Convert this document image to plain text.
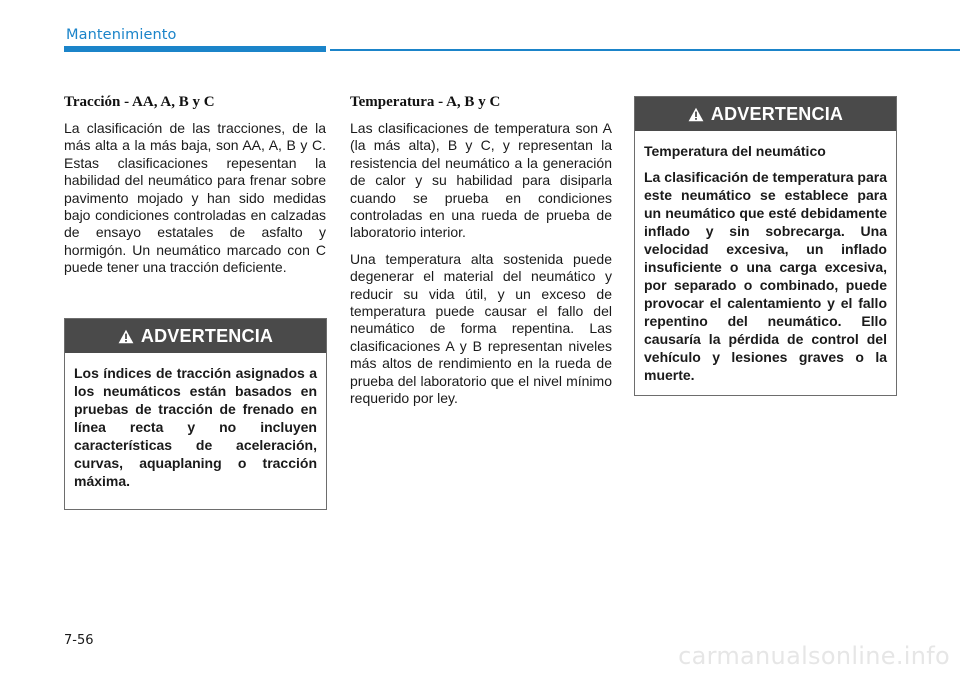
Mantenimiento
Tracción - AA, A, B y C

La clasificación de las tracciones, de la más alta a la más baja, son AA, A, B y C. Estas clasificaciones repesentan la habilidad del neumático para frenar sobre pavimento mojado y han sido medidas bajo condiciones controladas en calzadas de ensayo estatales de asfalto y hormigón. Un neumático marcado con C puede tener una tracción deficiente.

ADVERTENCIA

Los índices de tracción asignados a los neumáticos están basados en pruebas de tracción de frenado en línea recta y no incluyen características de aceleración, curvas, aquaplaning o tracción máxima.

Temperatura - A, B y C

Las clasificaciones de temperatura son A (la más alta), B y C, y representan la resistencia del neumático a la generación de calor y su habilidad para disiparla cuando se prueba en condiciones controladas en una rueda de prueba de laboratorio interior.

Una temperatura alta sostenida puede degenerar el material del neumático y reducir su vida útil, y un exceso de temperatura puede causar el fallo del neumático de forma repentina. Las clasificaciones A y B representan niveles más altos de rendimiento en la rueda de prueba del laboratorio que el nivel mínimo requerido por ley.

ADVERTENCIA

Temperatura del neumático

La clasificación de temperatura para este neumático se establece para un neumático que esté debidamente inflado y sin sobrecarga. Una velocidad excesiva, un inflado insuficiente o una carga excesiva, por separado o combinado, puede provocar el calentamiento y el fallo repentino del neumático. Ello causaría la pérdida de control del vehículo y lesiones graves o la muerte.

7-56
carmanualsonline.info
